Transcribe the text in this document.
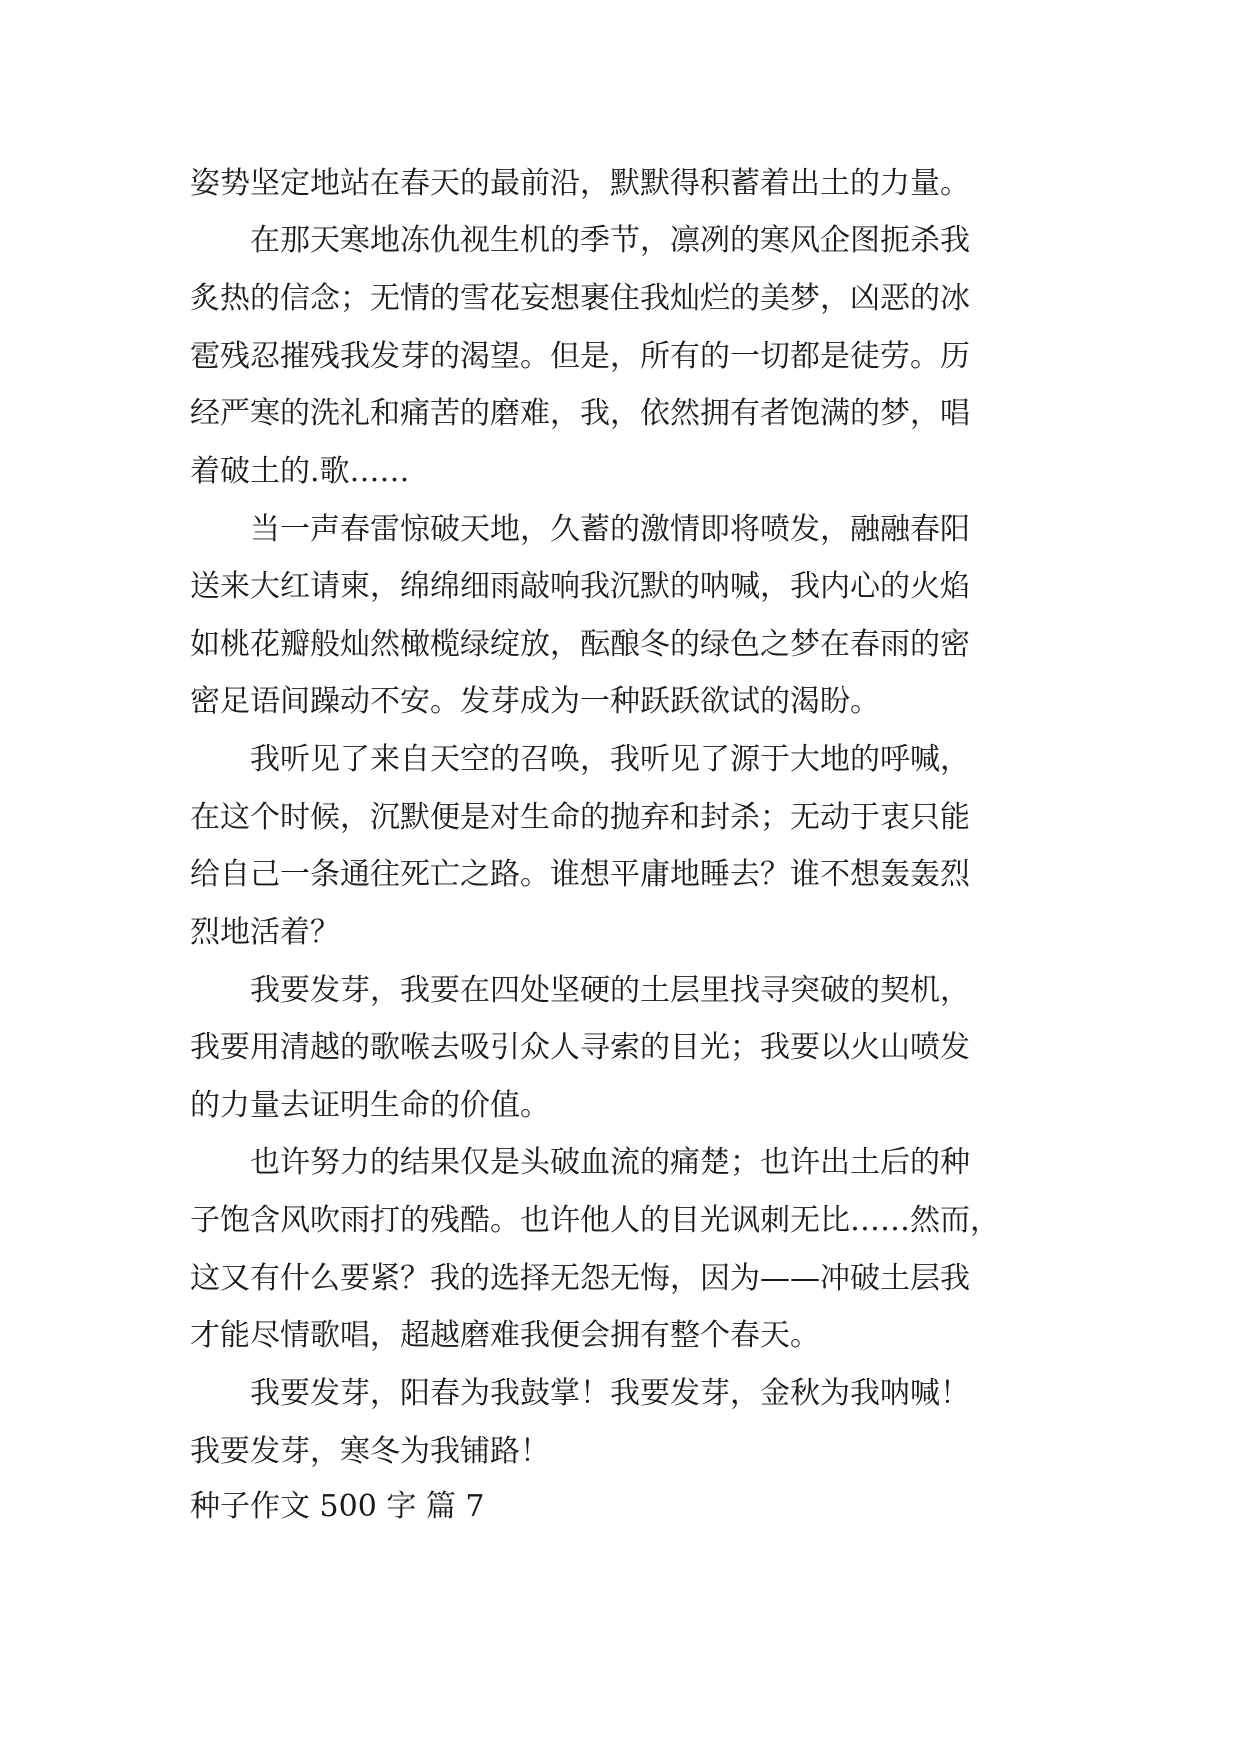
姿势坚定地站在春天的最前沿，默默得积蓄着出土的力量。
　　在那天寒地冻仇视生机的季节，凛冽的寒风企图扼杀我
炙热的信念；无情的雪花妄想裹住我灿烂的美梦，凶恶的冰
雹残忍摧残我发芽的渴望。但是，所有的一切都是徒劳。历
经严寒的洗礼和痛苦的磨难，我，依然拥有者饱满的梦，唱
着破土的.歌……
　　当一声春雷惊破天地，久蓄的激情即将喷发，融融春阳
送来大红请柬，绵绵细雨敲响我沉默的呐喊，我内心的火焰
如桃花瓣般灿然橄榄绿绽放，酝酿冬的绿色之梦在春雨的密
密足语间躁动不安。发芽成为一种跃跃欲试的渴盼。
　　我听见了来自天空的召唤，我听见了源于大地的呼喊，
在这个时候，沉默便是对生命的抛弃和封杀；无动于衷只能
给自己一条通往死亡之路。谁想平庸地睡去？谁不想轰轰烈
烈地活着？
　　我要发芽，我要在四处坚硬的土层里找寻突破的契机，
我要用清越的歌喉去吸引众人寻索的目光；我要以火山喷发
的力量去证明生命的价值。
　　也许努力的结果仅是头破血流的痛楚；也许出土后的种
子饱含风吹雨打的残酷。也许他人的目光讽刺无比……然而，
这又有什么要紧？我的选择无怨无悔，因为——冲破土层我
才能尽情歌唱，超越磨难我便会拥有整个春天。
　　我要发芽，阳春为我鼓掌！我要发芽，金秋为我呐喊！
我要发芽，寒冬为我铺路！
种子作文 500 字 篇 7
